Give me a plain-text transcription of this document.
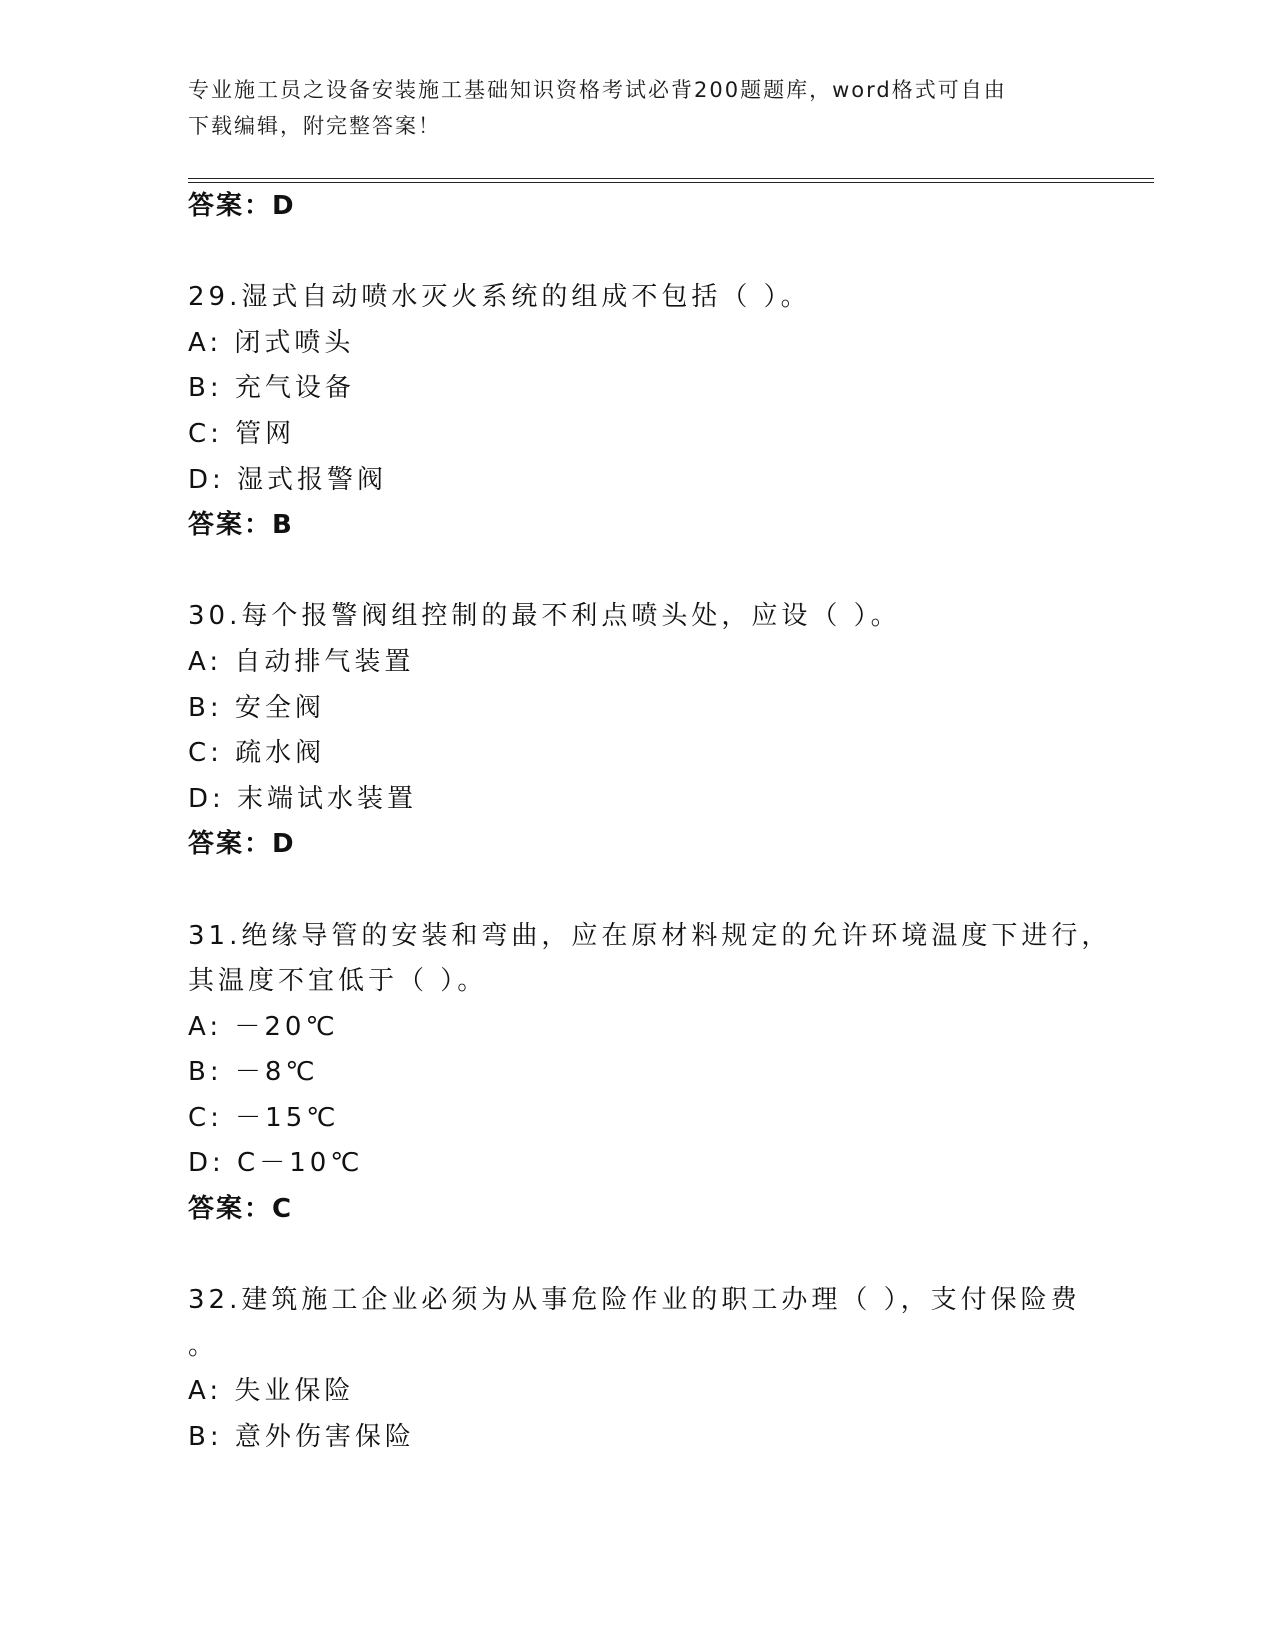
专业施工员之设备安装施工基础知识资格考试必背200题题库，word格式可自由
下载编辑，附完整答案！
答案：D
29.湿式自动喷水灭火系统的组成不包括（ ）。
A: 闭式喷头
B: 充气设备
C: 管网
D: 湿式报警阀
答案：B
30.每个报警阀组控制的最不利点喷头处，应设（ ）。
A: 自动排气装置
B: 安全阀
C: 疏水阀
D: 末端试水装置
答案：D
31.绝缘导管的安装和弯曲，应在原材料规定的允许环境温度下进行，
其温度不宜低于（ ）。
A: －20℃
B: －8℃
C: －15℃
D: C－10℃
答案：C
32.建筑施工企业必须为从事危险作业的职工办理（ ），支付保险费
。
A: 失业保险
B: 意外伤害保险
